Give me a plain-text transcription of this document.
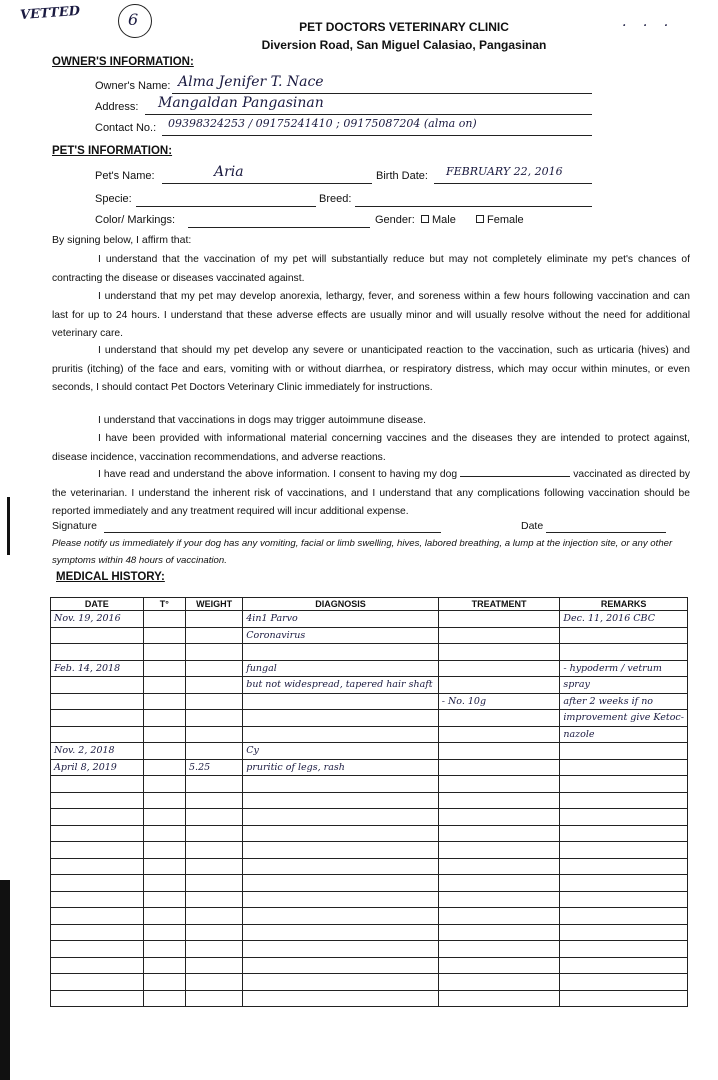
VETTED	6	· · ·
PET DOCTORS VETERINARY CLINIC
Diversion Road, San Miguel Calasiao, Pangasinan
OWNER'S INFORMATION:
Owner's Name: Alma Jenifer T. Nace
Address: Mangaldan Pangasinan
Contact No.: 09398324253 / 09175241410 ; 09175087204 (alma on)
PET'S INFORMATION:
Pet's Name:	Aria	Birth Date: FEBRUARY 22, 2016
Specie:	Breed:
Color/ Markings:	Gender:	Male	Female
By signing below, I affirm that:
I understand that the vaccination of my pet will substantially reduce but may not completely eliminate my pet's chances of contracting the disease or diseases vaccinated against.
I understand that my pet may develop anorexia, lethargy, fever, and soreness within a few hours following vaccination and can last for up to 24 hours. I understand that these adverse effects are usually minor and will usually resolve without the need for additional veterinary care.
I understand that should my pet develop any severe or unanticipated reaction to the vaccination, such as urticaria (hives) and pruritis (itching) of the face and ears, vomiting with or without diarrhea, or respiratory distress, which may occur within minutes, or even seconds, I should contact Pet Doctors Veterinary Clinic immediately for instructions.
I understand that vaccinations in dogs may trigger autoimmune disease.
I have been provided with informational material concerning vaccines and the diseases they are intended to protect against, disease incidence, vaccination recommendations, and adverse reactions.
I have read and understand the above information. I consent to having my dog	vaccinated as directed by the veterinarian. I understand the inherent risk of vaccinations, and I understand that any complications following vaccination should be reported immediately and any treatment required will incur additional expense.
Signature	Date
Please notify us immediately if your dog has any vomiting, facial or limb swelling, hives, labored breathing, a lump at the injection site, or any other symptoms within 48 hours of vaccination.
MEDICAL HISTORY:
DATE	T°	WEIGHT	DIAGNOSIS	TREATMENT	REMARKS
Nov. 19, 2016			4in1 Parvo		Dec. 11, 2016 CBC
			Coronavirus		

Feb. 14, 2018			fungal		- hypoderm / vetrum
			but not widespread, tapered hair shaft		spray
				- No. 10g	after 2 weeks if no
					improvement give Ketoc-
					nazole
Nov. 2, 2018			Cy		
April 8, 2019		5.25	pruritic of legs, rash		
